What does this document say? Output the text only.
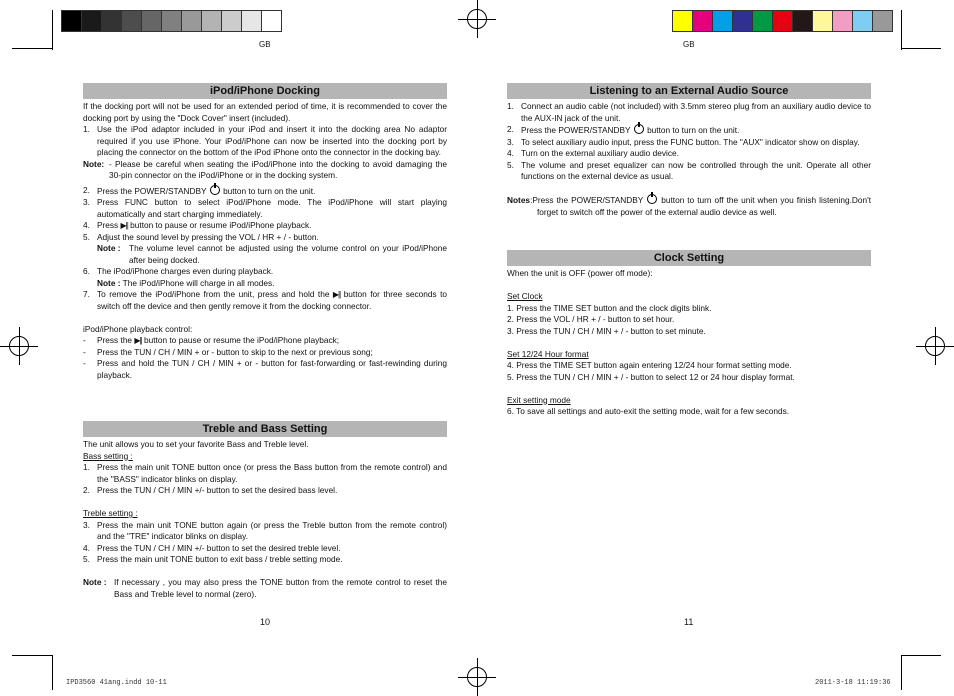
GB	GB
iPod/iPhone Docking

If the docking port will not be used for an extended period of time, it is recommended to cover the docking port by using the "Dock Cover" insert (included).

1. Use the iPod adaptor included in your iPod and insert it into the docking area No adaptor required if you use iPhone. Your iPod/iPhone can now be inserted into the docking port by placing the connector on the bottom of the iPod iPhone onto the connector in the docking bay.
Note: - Please be careful when seating the iPod/iPhone into the docking to avoid damaging the 30-pin connector on the iPod/iPhone or in the docking system.
2. Press the POWER/STANDBY button to turn on the unit.
3. Press FUNC button to select iPod/iPhone mode. The iPod/iPhone will start playing automatically and start charging immediately.
4. Press ▶|| button to pause or resume iPod/iPhone playback.
5. Adjust the sound level by pressing the VOL / HR + / - button.
Note :	The volume level cannot be adjusted using the volume control on your iPod/iPhone after being docked.
6. The iPod/iPhone charges even during playback.
Note : The iPod/iPhone will charge in all modes.
7. To remove the iPod/iPhone from the unit, press and hold the ▶|| button for three seconds to switch off the device and then gently remove it from the docking connector.

iPod/iPhone playback control:

-	Press the ▶|| button to pause or resume the iPod/iPhone playback;
-	Press the TUN / CH / MIN + or - button to skip to the next or previous song;
-	Press and hold the TUN / CH / MIN + or - button for fast-forwarding or fast-rewinding during playback.
Treble and Bass Setting

The unit allows you to set your favorite Bass and Treble level.

Bass setting :

1. Press the main unit TONE button once (or press the Bass button from the remote control) and the "BASS" indicator blinks on display.
2. Press the TUN / CH / MIN +/- button to set the desired bass level.

Treble setting :

3. Press the main unit TONE button again (or press the Treble button from the remote control) and the "TRE" indicator blinks on display.
4. Press the TUN / CH / MIN +/- button to set the desired treble level.
5. Press the main unit TONE button to exit bass / treble setting mode.
Note : If necessary , you may also press the TONE button from the remote control to reset the Bass and Treble level to normal (zero).
Listening to an External Audio Source
1. Connect an audio cable (not included) with 3.5mm stereo plug from an auxiliary audio device to the AUX-IN jack of the unit.
2. Press the POWER/STANDBY button to turn on the unit.
3. To select auxiliary audio input, press the FUNC button. The "AUX" indicator show on display.
4. Turn on the external auxiliary audio device.
5. The volume and preset equalizer can now be controlled through the unit. Operate all other functions on the external device as usual.
Notes:Press the POWER/STANDBY button to turn off the unit when you finish listening.Don't forget to switch off the power of the external audio device as well.
Clock Setting

When the unit is OFF (power off mode):

Set Clock

1. Press the TIME SET button and the clock digits blink.

2. Press the VOL / HR + / - button to set hour.

3. Press the TUN / CH / MIN + / - button to set minute.

Set 12/24 Hour format

4. Press the TIME SET button again entering 12/24 hour format setting mode.

5. Press the TUN / CH / MIN + / - button to select 12 or 24 hour display format.

Exit setting mode

6. To save all settings and auto-exit the setting mode, wait for a few seconds.

10	11
IPD3560 41ang.indd 10-11	2011-3-18 11:19:36
